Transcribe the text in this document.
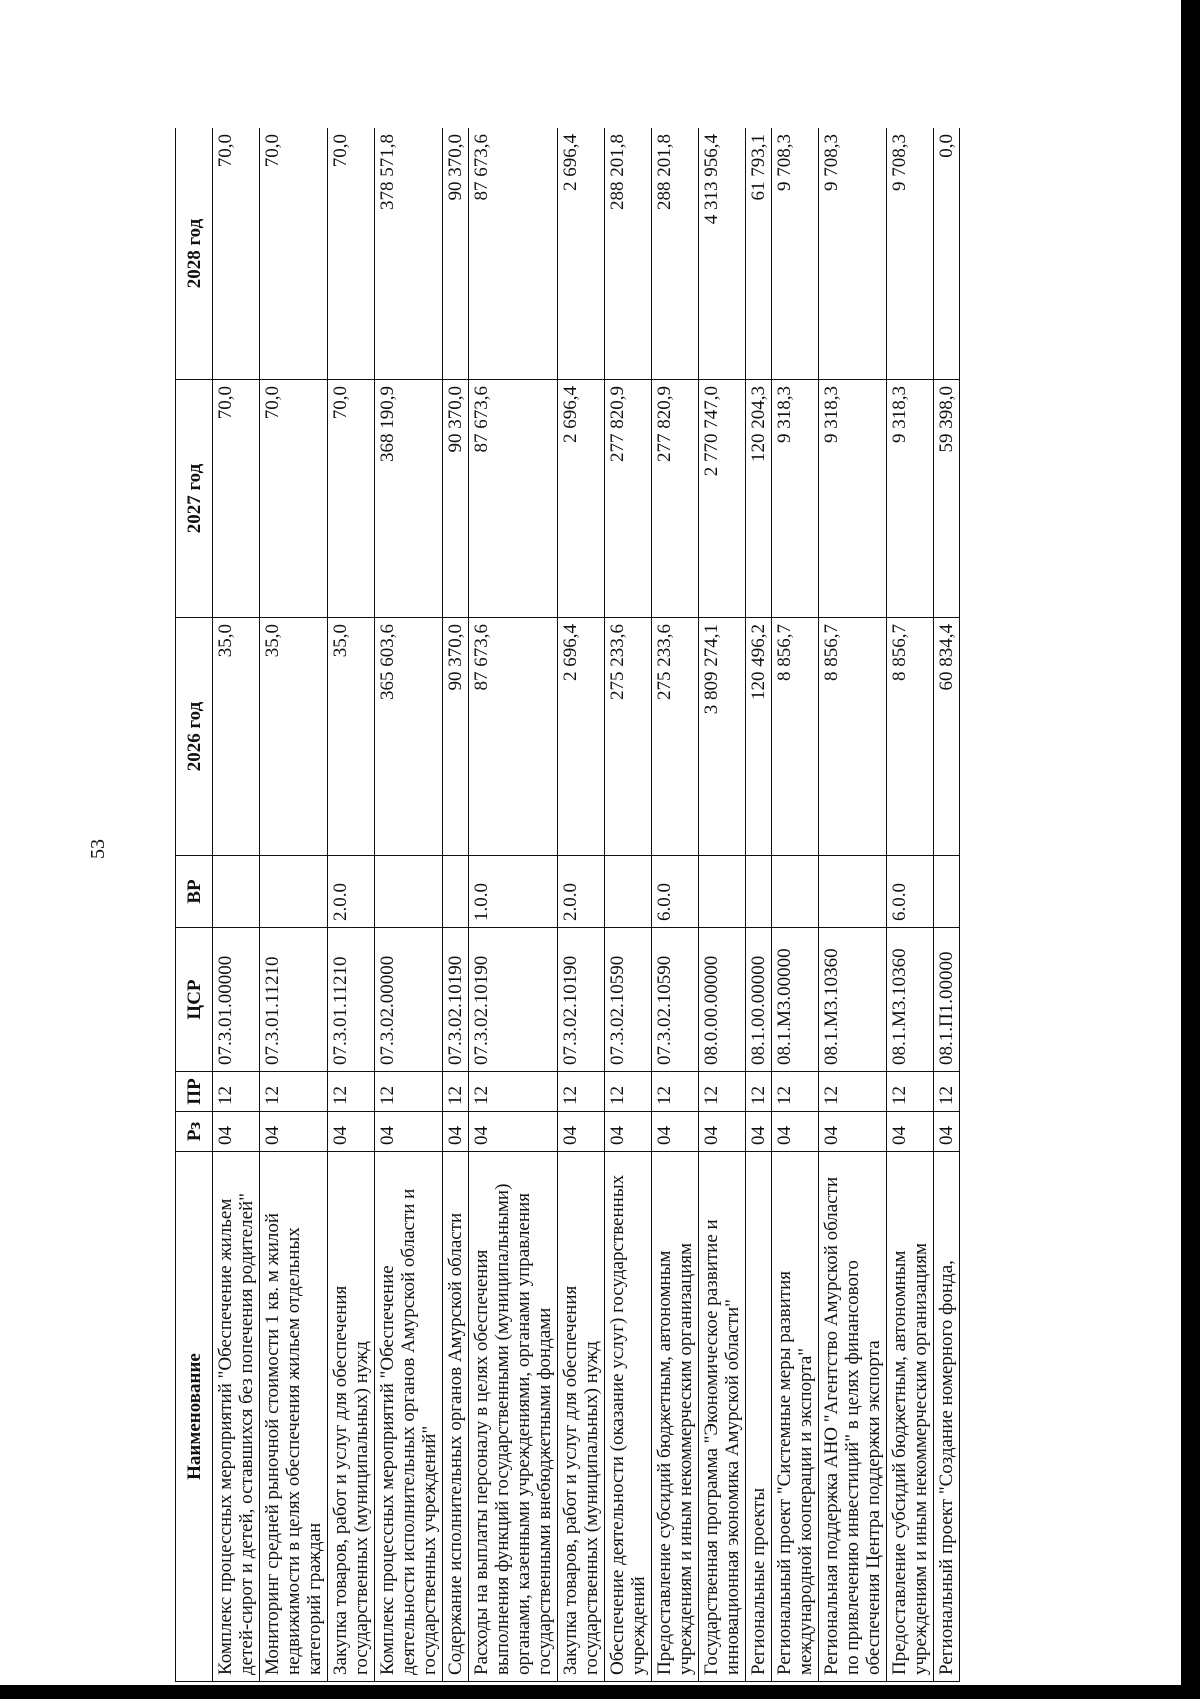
53
Наименование	Рз	ПР	ЦСР	ВР	2026 год	2027 год	2028 год
Комплекс процессных мероприятий "Обеспечение жильем детей-сирот и детей, оставшихся без попечения родителей"	04	12	07.3.01.00000		35,0	70,0	70,0
Мониторинг средней рыночной стоимости 1 кв. м жилой недвижимости в целях обеспечения жильем отдельных категорий граждан	04	12	07.3.01.11210		35,0	70,0	70,0
Закупка товаров, работ и услуг для обеспечения государственных (муниципальных) нужд	04	12	07.3.01.11210	2.0.0	35,0	70,0	70,0
Комплекс процессных мероприятий "Обеспечение деятельности исполнительных органов Амурской области и государственных учреждений"	04	12	07.3.02.00000		365 603,6	368 190,9	378 571,8
Содержание исполнительных органов Амурской области	04	12	07.3.02.10190		90 370,0	90 370,0	90 370,0
Расходы на выплаты персоналу в целях обеспечения выполнения функций государственными (муниципальными) органами, казенными учреждениями, органами управления государственными внебюджетными фондами	04	12	07.3.02.10190	1.0.0	87 673,6	87 673,6	87 673,6
Закупка товаров, работ и услуг для обеспечения государственных (муниципальных) нужд	04	12	07.3.02.10190	2.0.0	2 696,4	2 696,4	2 696,4
Обеспечение деятельности (оказание услуг) государственных учреждений	04	12	07.3.02.10590		275 233,6	277 820,9	288 201,8
Предоставление субсидий бюджетным, автономным учреждениям и иным некоммерческим организациям	04	12	07.3.02.10590	6.0.0	275 233,6	277 820,9	288 201,8
Государственная программа "Экономическое развитие и инновационная экономика Амурской области"	04	12	08.0.00.00000		3 809 274,1	2 770 747,0	4 313 956,4
Региональные проекты	04	12	08.1.00.00000		120 496,2	120 204,3	61 793,1
Региональный проект "Системные меры развития международной кооперации и экспорта"	04	12	08.1.М3.00000		8 856,7	9 318,3	9 708,3
Региональная поддержка АНО "Агентство Амурской области по привлечению инвестиций" в целях финансового обеспечения Центра поддержки экспорта	04	12	08.1.М3.10360		8 856,7	9 318,3	9 708,3
Предоставление субсидий бюджетным, автономным учреждениям и иным некоммерческим организациям	04	12	08.1.М3.10360	6.0.0	8 856,7	9 318,3	9 708,3
Региональный проект "Создание номерного фонда,	04	12	08.1.П1.00000		60 834,4	59 398,0	0,0
